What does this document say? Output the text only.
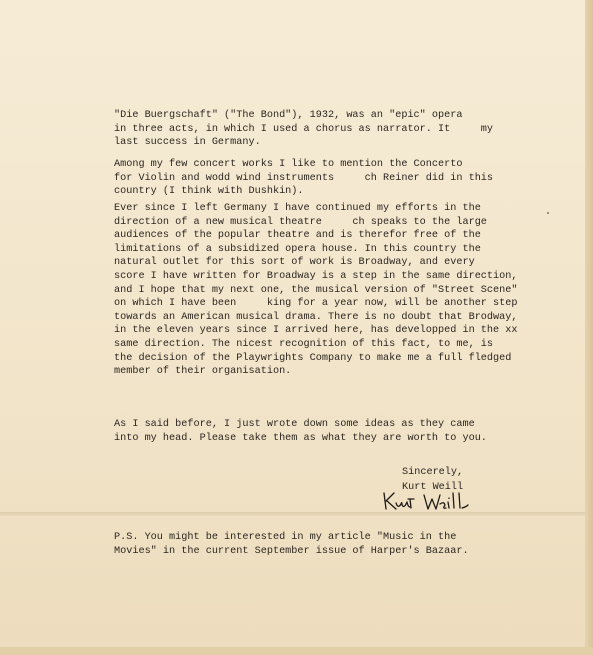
"Die Buergschaft" ("The Bond"), 1932, was an "epic" opera
in three acts, in which I used a chorus as narrator. It     my
last success in Germany.

Among my few concert works I like to mention the Concerto
for Violin and wodd wind instruments     ch Reiner did in this
country (I think with Dushkin).

Ever since I left Germany I have continued my efforts in the
direction of a new musical theatre     ch speaks to the large
audiences of the popular theatre and is therefor free of the
limitations of a subsidized opera house. In this country the
natural outlet for this sort of work is Broadway, and every
score I have written for Broadway is a step in the same direction,
and I hope that my next one, the musical version of "Street Scene"
on which I have been     king for a year now, will be another step
towards an American musical drama. There is no doubt that Brodway,
in the eleven years since I arrived here, has developped in the xx
same direction. The nicest recognition of this fact, to me, is
the decision of the Playwrights Company to make me a full fledged
member of their organisation.

As I said before, I just wrote down some ideas as they came
into my head. Please take them as what they are worth to you.

Sincerely,

Kurt Weill

P.S. You might be interested in my article "Music in the
Movies" in the current September issue of Harper's Bazaar.
